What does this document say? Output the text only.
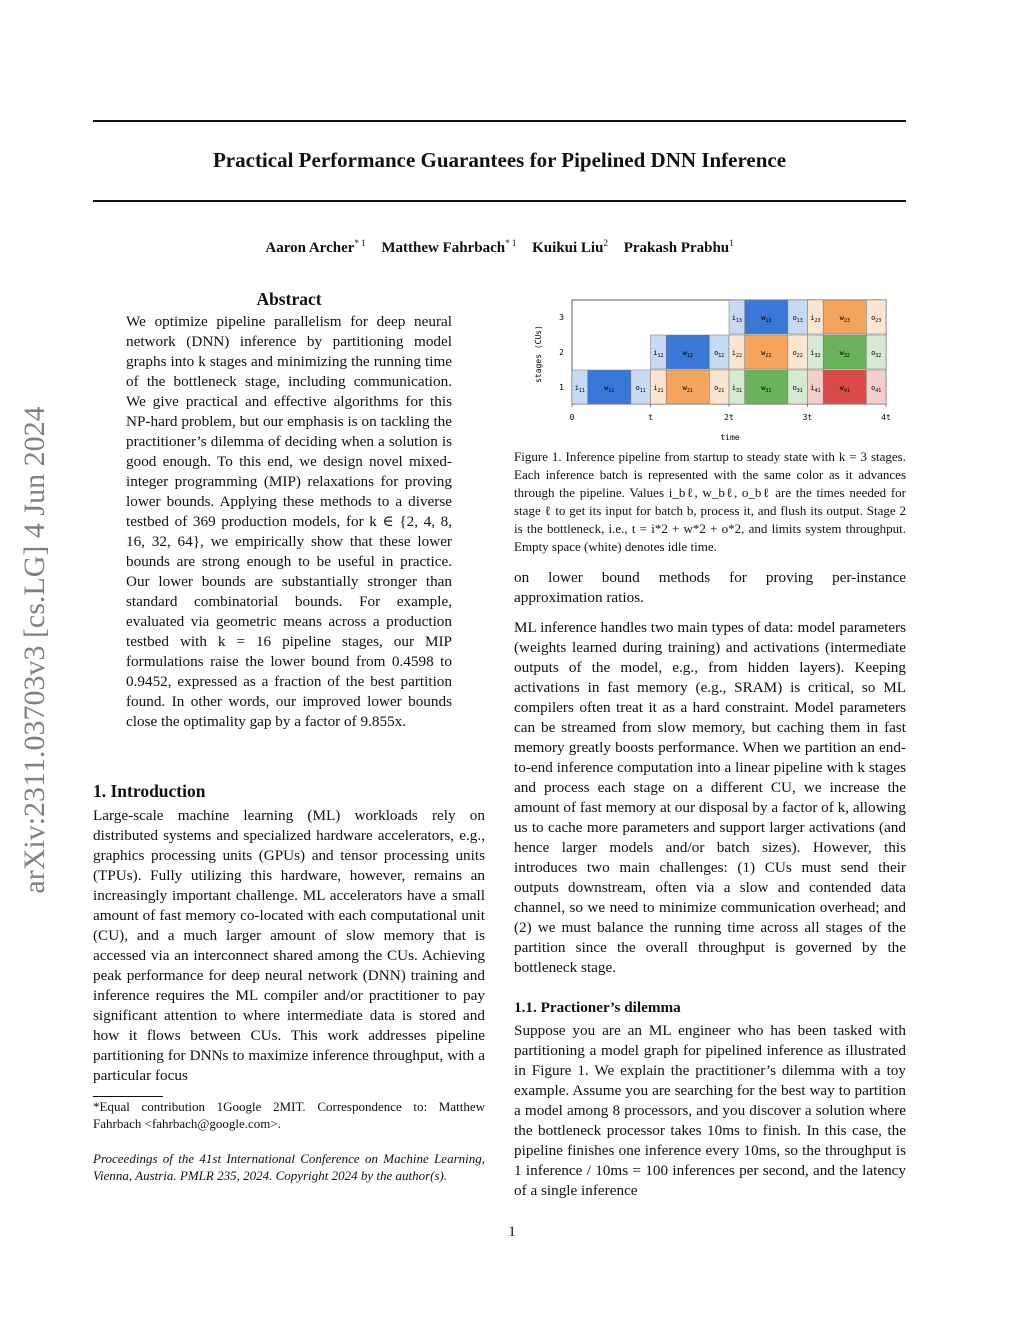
Practical Performance Guarantees for Pipelined DNN Inference
Aaron Archer$^{* 1}$ Matthew Fahrbach$^{* 1}$ Kuikui Liu$^2$ Prakash Prabhu$^1$
arXiv:2311.03703v3 [cs.LG] 4 Jun 2024
Abstract

We optimize pipeline parallelism for deep neural network (DNN) inference by partitioning model graphs into k stages and minimizing the running time of the bottleneck stage, including communication. We give practical and effective algorithms for this NP-hard problem, but our emphasis is on tackling the practitioner’s dilemma of deciding when a solution is good enough. To this end, we design novel mixed-integer programming (MIP) relaxations for proving lower bounds. Applying these methods to a diverse testbed of 369 production models, for k ∈ {2, 4, 8, 16, 32, 64}, we empirically show that these lower bounds are strong enough to be useful in practice. Our lower bounds are substantially stronger than standard combinatorial bounds. For example, evaluated via geometric means across a production testbed with k = 16 pipeline stages, our MIP formulations raise the lower bound from 0.4598 to 0.9452, expressed as a fraction of the best partition found. In other words, our improved lower bounds close the optimality gap by a factor of 9.855x.

1. Introduction

Large-scale machine learning (ML) workloads rely on distributed systems and specialized hardware accelerators, e.g., graphics processing units (GPUs) and tensor processing units (TPUs). Fully utilizing this hardware, however, remains an increasingly important challenge. ML accelerators have a small amount of fast memory co-located with each computational unit (CU), and a much larger amount of slow memory that is accessed via an interconnect shared among the CUs. Achieving peak performance for deep neural network (DNN) training and inference requires the ML compiler and/or practitioner to pay significant attention to where intermediate data is stored and how it flows between CUs. This work addresses pipeline partitioning for DNNs to maximize inference throughput, with a particular focus

*Equal contribution 1Google 2MIT. Correspondence to: Matthew Fahrbach <fahrbach@google.com>.

Proceedings of the 41st International Conference on Machine Learning, Vienna, Austria. PMLR 235, 2024. Copyright 2024 by the author(s).

stages (CUs)
1
2
3	$i_{13}$	$w_{13}$	$o_{13}$ $i_{23}$	$w_{23}$	$o_{23}$
$i_{12}$	$w_{12}$	$o_{12}$ $i_{22}$	$w_{22}$	$o_{22}$ $i_{32}$	$w_{32}$	$o_{32}$
$i_{11}$	$w_{11}$	$o_{11}$ $i_{21}$	$w_{21}$	$o_{21}$ $i_{31}$	$w_{31}$	$o_{31}$ $i_{41}$	$w_{41}$	$o_{41}$
0	t	2t	3t	4t
time

Figure 1. Inference pipeline from startup to steady state with k = 3 stages. Each inference batch is represented with the same color as it advances through the pipeline. Values i_bℓ, w_bℓ, o_bℓ are the times needed for stage ℓ to get its input for batch b, process it, and flush its output. Stage 2 is the bottleneck, i.e., t = i*2 + w*2 + o*2, and limits system throughput. Empty space (white) denotes idle time.

on lower bound methods for proving per-instance approximation ratios.

ML inference handles two main types of data: model parameters (weights learned during training) and activations (intermediate outputs of the model, e.g., from hidden layers). Keeping activations in fast memory (e.g., SRAM) is critical, so ML compilers often treat it as a hard constraint. Model parameters can be streamed from slow memory, but caching them in fast memory greatly boosts performance. When we partition an end-to-end inference computation into a linear pipeline with k stages and process each stage on a different CU, we increase the amount of fast memory at our disposal by a factor of k, allowing us to cache more parameters and support larger activations (and hence larger models and/or batch sizes). However, this introduces two main challenges: (1) CUs must send their outputs downstream, often via a slow and contended data channel, so we need to minimize communication overhead; and (2) we must balance the running time across all stages of the partition since the overall throughput is governed by the bottleneck stage.

1.1. Practioner’s dilemma

Suppose you are an ML engineer who has been tasked with partitioning a model graph for pipelined inference as illustrated in Figure 1. We explain the practitioner’s dilemma with a toy example. Assume you are searching for the best way to partition a model among 8 processors, and you discover a solution where the bottleneck processor takes 10ms to finish. In this case, the pipeline finishes one inference every 10ms, so the throughput is 1 inference / 10ms = 100 inferences per second, and the latency of a single inference

1
